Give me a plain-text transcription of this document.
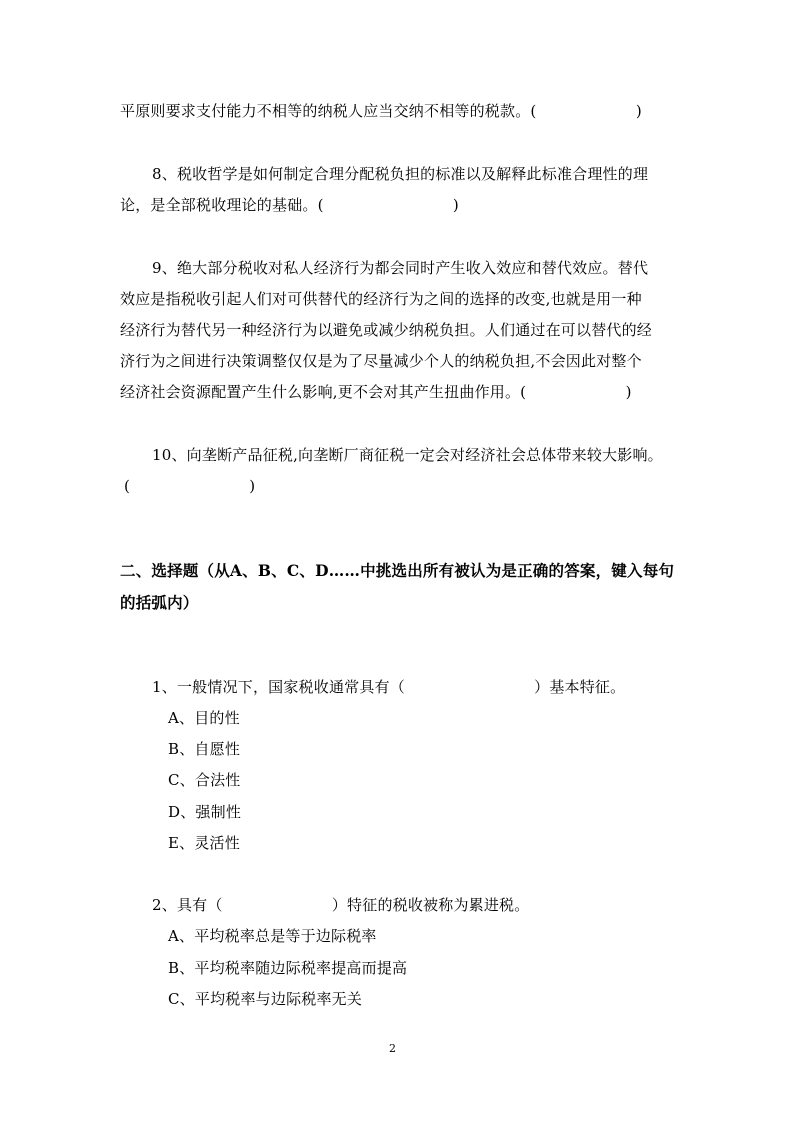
平原则要求支付能力不相等的纳税人应当交纳不相等的税款。(                    )
8、税收哲学是如何制定合理分配税负担的标准以及解释此标准合理性的理
论，是全部税收理论的基础。(                          )
9、绝大部分税收对私人经济行为都会同时产生收入效应和替代效应。替代
效应是指税收引起人们对可供替代的经济行为之间的选择的改变,也就是用一种
经济行为替代另一种经济行为以避免或减少纳税负担。人们通过在可以替代的经
济行为之间进行决策调整仅仅是为了尽量减少个人的纳税负担,不会因此对整个
经济社会资源配置产生什么影响,更不会对其产生扭曲作用。(                    )
10、向垄断产品征税,向垄断厂商征税一定会对经济社会总体带来较大影响。
(                        )
二、选择题（从A、B、C、D……中挑选出所有被认为是正确的答案，键入每句
的括弧内）
1、一般情况下，国家税收通常具有（                          ）基本特征。
A、目的性
B、自愿性
C、合法性
D、强制性
E、灵活性
2、具有（                      ）特征的税收被称为累进税。
A、平均税率总是等于边际税率
B、平均税率随边际税率提高而提高
C、平均税率与边际税率无关
2
